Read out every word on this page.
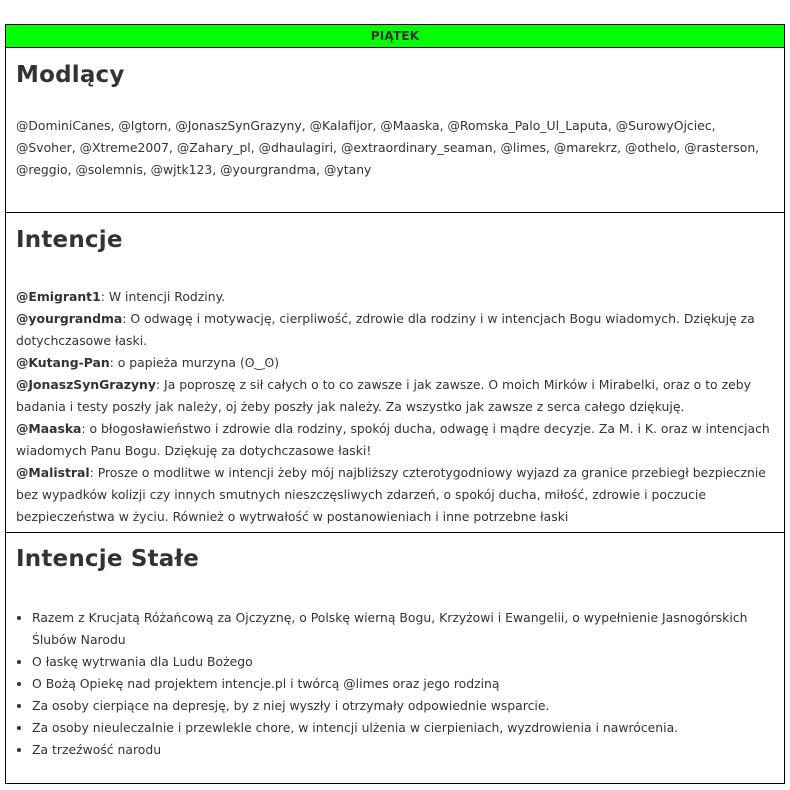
PIĄTEK
Modlący
@DominiCanes, @Igtorn, @JonaszSynGrazyny, @Kalafijor, @Maaska, @Romska_Palo_Ul_Laputa, @SurowyOjciec, @Svoher, @Xtreme2007, @Zahary_pl, @dhaulagiri, @extraordinary_seaman, @limes, @marekrz, @othelo, @rasterson, @reggio, @solemnis, @wjtk123, @yourgrandma, @ytany
Intencje
@Emigrant1: W intencji Rodziny.
@yourgrandma: O odwagę i motywację, cierpliwość, zdrowie dla rodziny i w intencjach Bogu wiadomych. Dziękuję za dotychczasowe łaski.
@Kutang-Pan: o papieża murzyna (ʘ‿ʘ)
@JonaszSynGrazyny: Ja poproszę z sił całych o to co zawsze i jak zawsze. O moich Mirków i Mirabelki, oraz o to zeby badania i testy poszły jak należy, oj żeby poszły jak należy. Za wszystko jak zawsze z serca całego dziękuję.
@Maaska: o błogosławieństwo i zdrowie dla rodziny, spokój ducha, odwagę i mądre decyzje. Za M. i K. oraz w intencjach wiadomych Panu Bogu. Dziękuję za dotychczasowe łaski!
@Malistral: Prosze o modlitwe w intencji żeby mój najbliższy czterotygodniowy wyjazd za granice przebiegł bezpiecznie bez wypadków kolizji czy innych smutnych nieszczęsliwych zdarzeń, o spokój ducha, miłość, zdrowie i poczucie bezpieczeństwa w życiu. Również o wytrwałość w postanowieniach i inne potrzebne łaski
Intencje Stałe
• Razem z Krucjatą Różańcową za Ojczyznę, o Polskę wierną Bogu, Krzyżowi i Ewangelii, o wypełnienie Jasnogórskich Ślubów Narodu
• O łaskę wytrwania dla Ludu Bożego
• O Bożą Opiekę nad projektem intencje.pl i twórcą @limes oraz jego rodziną
• Za osoby cierpiące na depresję, by z niej wyszły i otrzymały odpowiednie wsparcie.
• Za osoby nieuleczalnie i przewlekle chore, w intencji ulżenia w cierpieniach, wyzdrowienia i nawrócenia.
• Za trzeźwość narodu
